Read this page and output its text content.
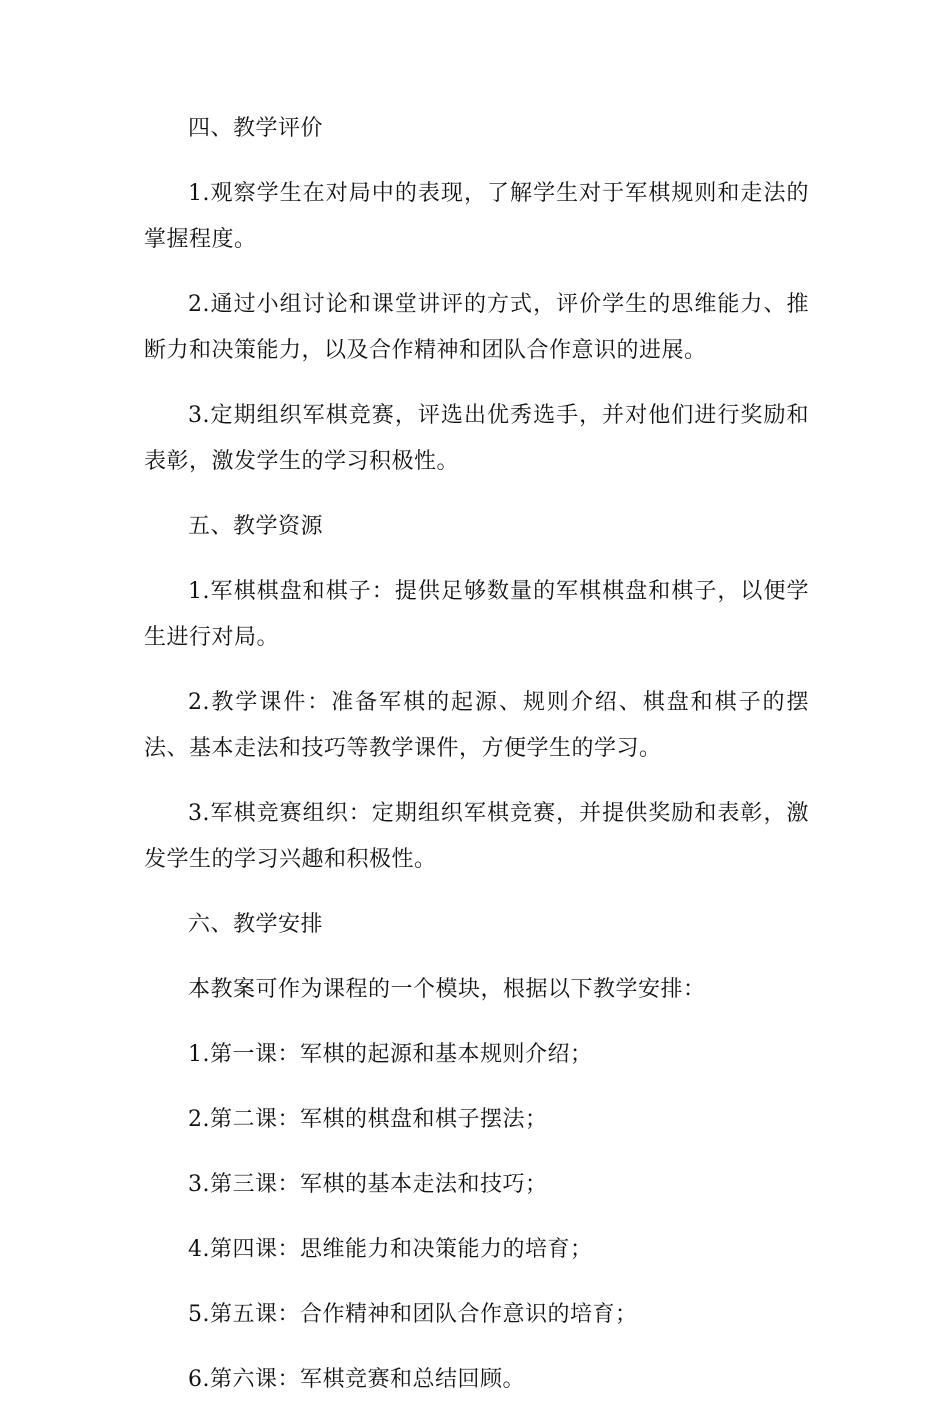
四、教学评价

1.观察学生在对局中的表现，了解学生对于军棋规则和走法的掌握程度。

2.通过小组讨论和课堂讲评的方式，评价学生的思维能力、推断力和决策能力，以及合作精神和团队合作意识的进展。

3.定期组织军棋竞赛，评选出优秀选手，并对他们进行奖励和表彰，激发学生的学习积极性。

五、教学资源

1.军棋棋盘和棋子：提供足够数量的军棋棋盘和棋子，以便学生进行对局。

2.教学课件：准备军棋的起源、规则介绍、棋盘和棋子的摆法、基本走法和技巧等教学课件，方便学生的学习。

3.军棋竞赛组织：定期组织军棋竞赛，并提供奖励和表彰，激发学生的学习兴趣和积极性。

六、教学安排

本教案可作为课程的一个模块，根据以下教学安排：

1.第一课：军棋的起源和基本规则介绍；

2.第二课：军棋的棋盘和棋子摆法；

3.第三课：军棋的基本走法和技巧；

4.第四课：思维能力和决策能力的培育；

5.第五课：合作精神和团队合作意识的培育；

6.第六课：军棋竞赛和总结回顾。
